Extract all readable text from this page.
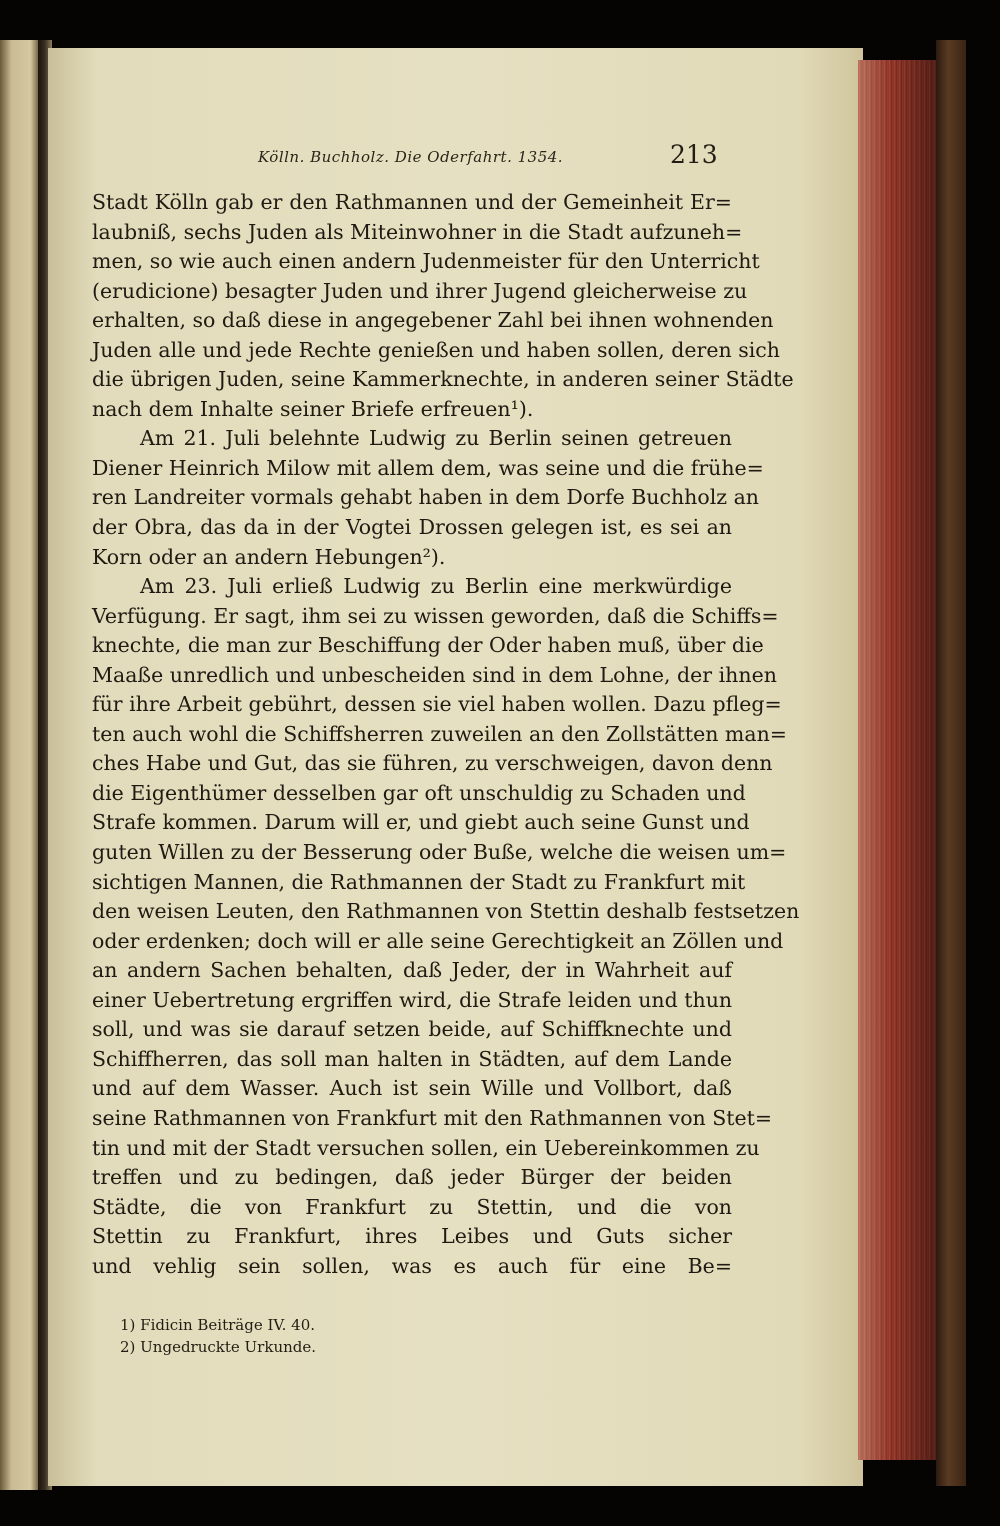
Kölln. Buchholz. Die Oderfahrt. 1354.	213
Stadt Kölln gab er den Rathmannen und der Gemeinheit Er=
laubniß, sechs Juden als Miteinwohner in die Stadt aufzuneh=
men, so wie auch einen andern Judenmeister für den Unterricht
(erudicione) besagter Juden und ihrer Jugend gleicherweise zu
erhalten, so daß diese in angegebener Zahl bei ihnen wohnenden
Juden alle und jede Rechte genießen und haben sollen, deren sich
die übrigen Juden, seine Kammerknechte, in anderen seiner Städte
nach dem Inhalte seiner Briefe erfreuen¹).
Am 21. Juli belehnte Ludwig zu Berlin seinen getreuen
Diener Heinrich Milow mit allem dem, was seine und die frühe=
ren Landreiter vormals gehabt haben in dem Dorfe Buchholz an
der Obra, das da in der Vogtei Drossen gelegen ist, es sei an
Korn oder an andern Hebungen²).
Am 23. Juli erließ Ludwig zu Berlin eine merkwürdige
Verfügung. Er sagt, ihm sei zu wissen geworden, daß die Schiffs=
knechte, die man zur Beschiffung der Oder haben muß, über die
Maaße unredlich und unbescheiden sind in dem Lohne, der ihnen
für ihre Arbeit gebührt, dessen sie viel haben wollen. Dazu pfleg=
ten auch wohl die Schiffsherren zuweilen an den Zollstätten man=
ches Habe und Gut, das sie führen, zu verschweigen, davon denn
die Eigenthümer desselben gar oft unschuldig zu Schaden und
Strafe kommen. Darum will er, und giebt auch seine Gunst und
guten Willen zu der Besserung oder Buße, welche die weisen um=
sichtigen Mannen, die Rathmannen der Stadt zu Frankfurt mit
den weisen Leuten, den Rathmannen von Stettin deshalb festsetzen
oder erdenken; doch will er alle seine Gerechtigkeit an Zöllen und
an andern Sachen behalten, daß Jeder, der in Wahrheit auf
einer Uebertretung ergriffen wird, die Strafe leiden und thun
soll, und was sie darauf setzen beide, auf Schiffknechte und
Schiffherren, das soll man halten in Städten, auf dem Lande
und auf dem Wasser. Auch ist sein Wille und Vollbort, daß
seine Rathmannen von Frankfurt mit den Rathmannen von Stet=
tin und mit der Stadt versuchen sollen, ein Uebereinkommen zu
treffen und zu bedingen, daß jeder Bürger der beiden
Städte, die von Frankfurt zu Stettin, und die von
Stettin zu Frankfurt, ihres Leibes und Guts sicher
und vehlig sein sollen, was es auch für eine Be=
1) Fidicin Beiträge IV. 40.
2) Ungedruckte Urkunde.
